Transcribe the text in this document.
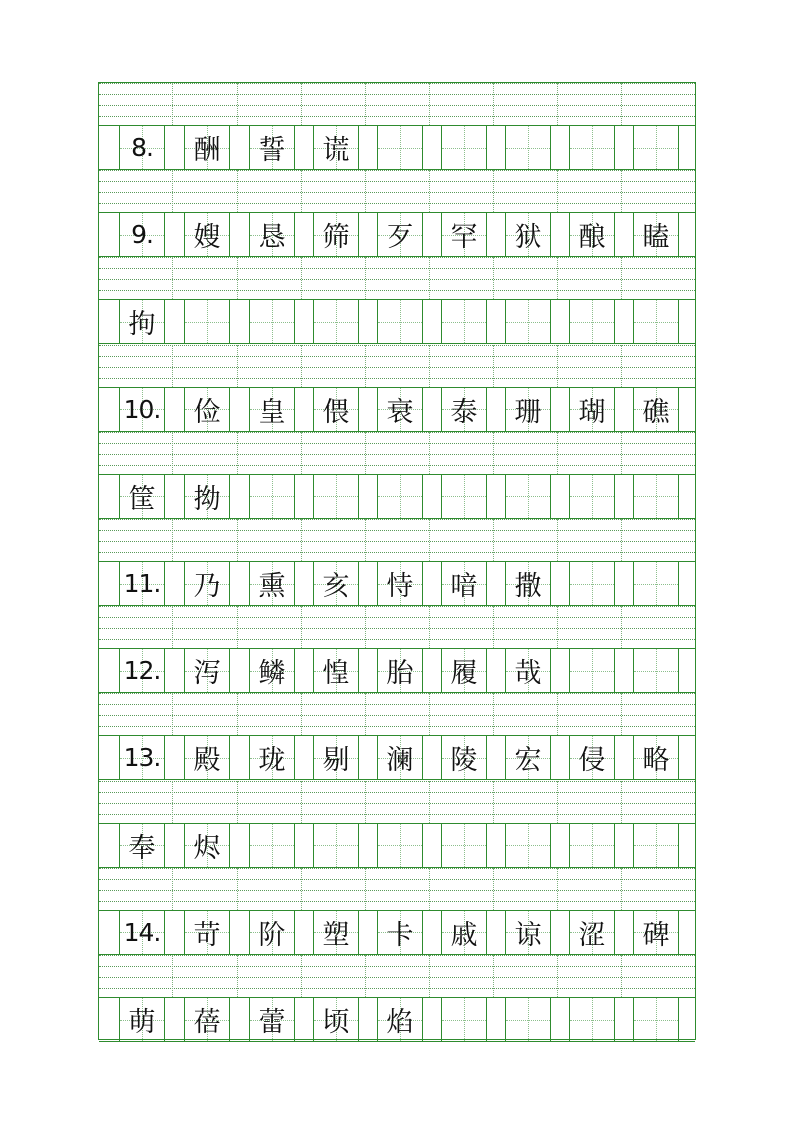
8.	酬	誓	谎
9.	嫂	恳	筛	歹	罕	狱	酿	瞌
拘
10.	俭	皇	偎	衰	泰	珊	瑚	礁
筐	拗
11.	乃	熏	亥	恃	喑	撒
12.	泻	鳞	惶	胎	履	哉
13.	殿	珑	剔	澜	陵	宏	侵	略
奉	烬
14.	苛	阶	塑	卡	戚	谅	涩	碑
萌	蓓	蕾	顷	焰
